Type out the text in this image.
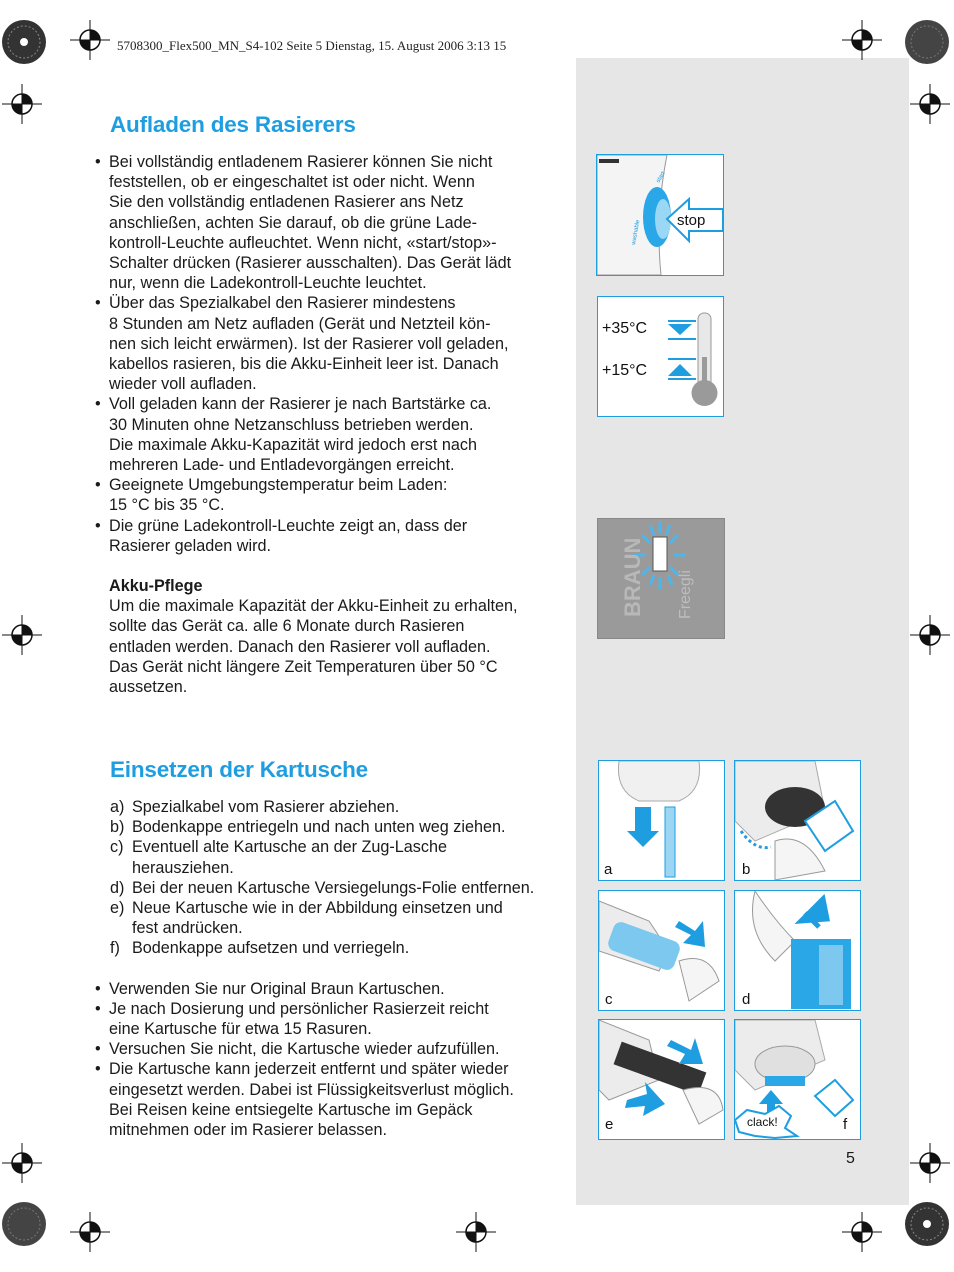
5708300_Flex500_MN_S4-102 Seite 5 Dienstag, 15. August 2006 3:13 15
Aufladen des Rasierers
• Bei vollständig entladenem Rasierer können Sie nicht
feststellen, ob er eingeschaltet ist oder nicht. Wenn
Sie den vollständig entladenen Rasierer ans Netz
anschließen, achten Sie darauf, ob die grüne Lade-
kontroll-Leuchte aufleuchtet. Wenn nicht, «start/stop»-
Schalter drücken (Rasierer ausschalten). Das Gerät lädt
nur, wenn die Ladekontroll-Leuchte leuchtet.
• Über das Spezialkabel den Rasierer mindestens
8 Stunden am Netz aufladen (Gerät und Netzteil kön-
nen sich leicht erwärmen). Ist der Rasierer voll geladen,
kabellos rasieren, bis die Akku-Einheit leer ist. Danach
wieder voll aufladen.
• Voll geladen kann der Rasierer je nach Bartstärke ca.
30 Minuten ohne Netzanschluss betrieben werden.
Die maximale Akku-Kapazität wird jedoch erst nach
mehreren Lade- und Entladevorgängen erreicht.
• Geeignete Umgebungstemperatur beim Laden:
15 °C bis 35 °C.
• Die grüne Ladekontroll-Leuchte zeigt an, dass der
Rasierer geladen wird.
Akku-Pflege
Um die maximale Kapazität der Akku-Einheit zu erhalten,
sollte das Gerät ca. alle 6 Monate durch Rasieren
entladen werden. Danach den Rasierer voll aufladen.
Das Gerät nicht längere Zeit Temperaturen über 50 °C
aussetzen.
Einsetzen der Kartusche
a) Spezialkabel vom Rasierer abziehen.
b) Bodenkappe entriegeln und nach unten weg ziehen.
c) Eventuell alte Kartusche an der Zug-Lasche
herausziehen.
d) Bei der neuen Kartusche Versiegelungs-Folie entfernen.
e) Neue Kartusche wie in der Abbildung einsetzen und
fest andrücken.
f) Bodenkappe aufsetzen und verriegeln.
• Verwenden Sie nur Original Braun Kartuschen.
• Je nach Dosierung und persönlicher Rasierzeit reicht
eine Kartusche für etwa 15 Rasuren.
• Versuchen Sie nicht, die Kartusche wieder aufzufüllen.
• Die Kartusche kann jederzeit entfernt und später wieder
eingesetzt werden. Dabei ist Flüssigkeitsverlust möglich.
Bei Reisen keine entsiegelte Kartusche im Gepäck
mitnehmen oder im Rasierer belassen.
washable
start
stop
+35°C
+15°C
BRAUN Freegli
a	b
c	d
e	clack!	f
5
